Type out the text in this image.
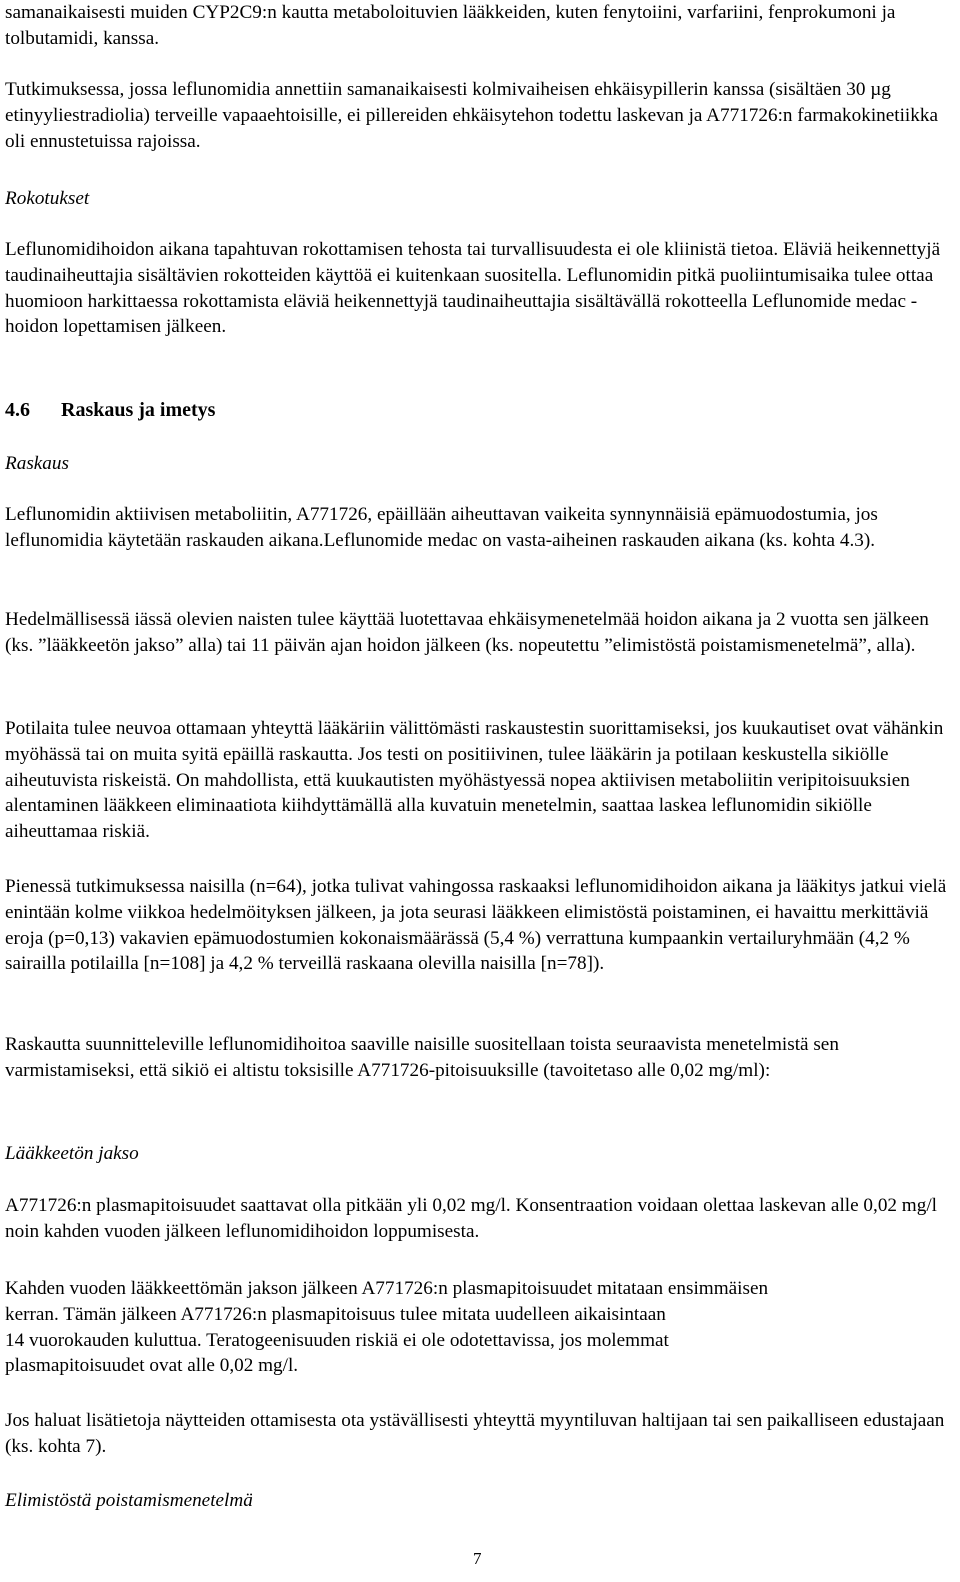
samanaikaisesti muiden CYP2C9:n kautta metaboloituvien lääkkeiden, kuten fenytoiini, varfariini, fenprokumoni ja tolbutamidi, kanssa.

Tutkimuksessa, jossa leflunomidia annettiin samanaikaisesti kolmivaiheisen ehkäisypillerin kanssa (sisältäen 30 µg etinyyliestradiolia) terveille vapaaehtoisille, ei pillereiden ehkäisytehon todettu laskevan ja A771726:n farmakokinetiikka oli ennustetuissa rajoissa.

Rokotukset

Leflunomidihoidon aikana tapahtuvan rokottamisen tehosta tai turvallisuudesta ei ole kliinistä tietoa. Eläviä heikennettyjä taudinaiheuttajia sisältävien rokotteiden käyttöä ei kuitenkaan suositella. Leflunomidin pitkä puoliintumisaika tulee ottaa huomioon harkittaessa rokottamista eläviä heikennettyjä taudinaiheuttajia sisältävällä rokotteella Leflunomide medac -hoidon lopettamisen jälkeen.

4.6 Raskaus ja imetys

Raskaus

Leflunomidin aktiivisen metaboliitin, A771726, epäillään aiheuttavan vaikeita synnynnäisiä epämuodostumia, jos leflunomidia käytetään raskauden aikana.Leflunomide medac on vasta-aiheinen raskauden aikana (ks. kohta 4.3).

Hedelmällisessä iässä olevien naisten tulee käyttää luotettavaa ehkäisymenetelmää hoidon aikana ja 2 vuotta sen jälkeen (ks. ”lääkkeetön jakso” alla) tai 11 päivän ajan hoidon jälkeen (ks. nopeutettu ”elimistöstä poistamismenetelmä”, alla).

Potilaita tulee neuvoa ottamaan yhteyttä lääkäriin välittömästi raskaustestin suorittamiseksi, jos kuukautiset ovat vähänkin myöhässä tai on muita syitä epäillä raskautta. Jos testi on positiivinen, tulee lääkärin ja potilaan keskustella sikiölle aiheutuvista riskeistä. On mahdollista, että kuukautisten myöhästyessä nopea aktiivisen metaboliitin veripitoisuuksien alentaminen lääkkeen eliminaatiota kiihdyttämällä alla kuvatuin menetelmin, saattaa laskea leflunomidin sikiölle aiheuttamaa riskiä.

Pienessä tutkimuksessa naisilla (n=64), jotka tulivat vahingossa raskaaksi leflunomidihoidon aikana ja lääkitys jatkui vielä enintään kolme viikkoa hedelmöityksen jälkeen, ja jota seurasi lääkkeen elimistöstä poistaminen, ei havaittu merkittäviä eroja (p=0,13) vakavien epämuodostumien kokonaismäärässä (5,4 %) verrattuna kumpaankin vertailuryhmään (4,2 % sairailla potilailla [n=108] ja 4,2 % terveillä raskaana olevilla naisilla [n=78]).

Raskautta suunnitteleville leflunomidihoitoa saaville naisille suositellaan toista seuraavista menetelmistä sen varmistamiseksi, että sikiö ei altistu toksisille A771726-pitoisuuksille (tavoitetaso alle 0,02 mg/ml):

Lääkkeetön jakso

A771726:n plasmapitoisuudet saattavat olla pitkään yli 0,02 mg/l. Konsentraation voidaan olettaa laskevan alle 0,02 mg/l noin kahden vuoden jälkeen leflunomidihoidon loppumisesta.

Kahden vuoden lääkkeettömän jakson jälkeen A771726:n plasmapitoisuudet mitataan ensimmäisen
kerran. Tämän jälkeen A771726:n plasmapitoisuus tulee mitata uudelleen aikaisintaan
14 vuorokauden kuluttua. Teratogeenisuuden riskiä ei ole odotettavissa, jos molemmat
plasmapitoisuudet ovat alle 0,02 mg/l.

Jos haluat lisätietoja näytteiden ottamisesta ota ystävällisesti yhteyttä myyntiluvan haltijaan tai sen paikalliseen edustajaan (ks. kohta 7).

Elimistöstä poistamismenetelmä

7
